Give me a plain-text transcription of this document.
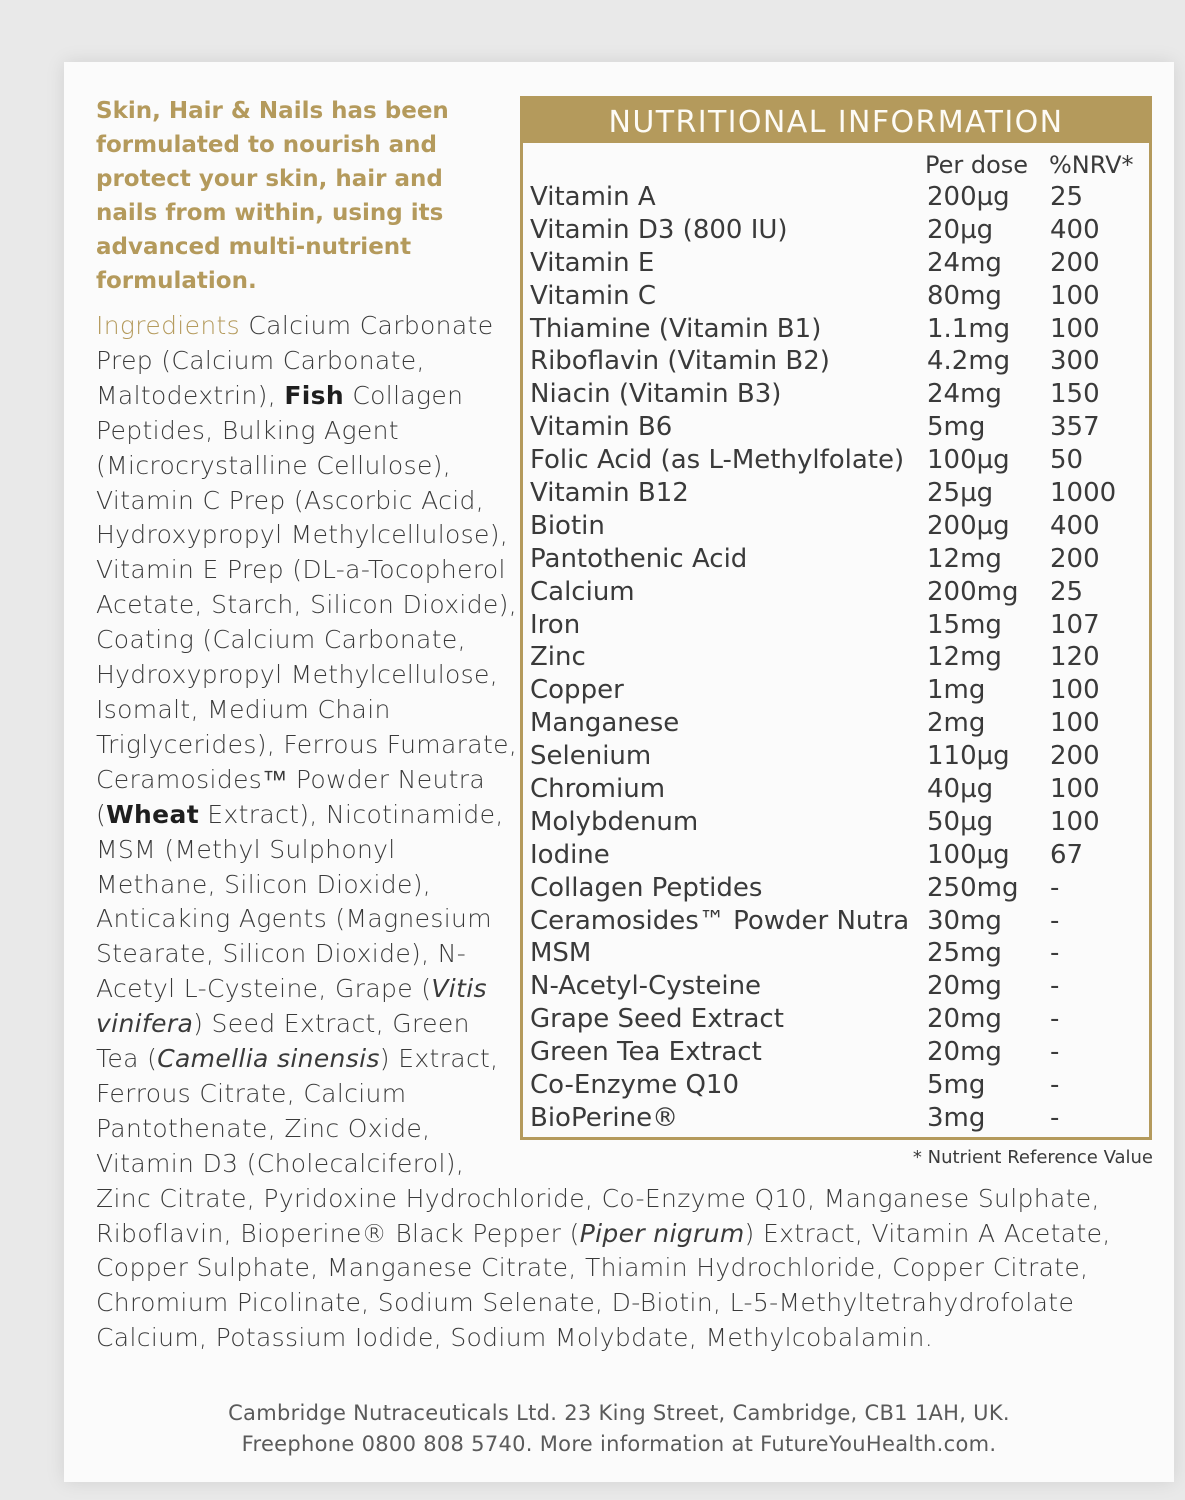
Skin, Hair & Nails has been formulated to nourish and protect your skin, hair and nails from within, using its advanced multi-nutrient formulation.
Ingredients Calcium Carbonate Prep (Calcium Carbonate, Maltodextrin), Fish Collagen Peptides, Bulking Agent (Microcrystalline Cellulose), Vitamin C Prep (Ascorbic Acid, Hydroxypropyl Methylcellulose), Vitamin E Prep (DL-a-Tocopherol Acetate, Starch, Silicon Dioxide), Coating (Calcium Carbonate, Hydroxypropyl Methylcellulose, Isomalt, Medium Chain Triglycerides), Ferrous Fumarate, Ceramosides™ Powder Neutra (Wheat Extract), Nicotinamide, MSM (Methyl Sulphonyl Methane, Silicon Dioxide), Anticaking Agents (Magnesium Stearate, Silicon Dioxide), N-Acetyl L-Cysteine, Grape (Vitis vinifera) Seed Extract, Green Tea (Camellia sinensis) Extract, Ferrous Citrate, Calcium Pantothenate, Zinc Oxide, Vitamin D3 (Cholecalciferol), Zinc Citrate, Pyridoxine Hydrochloride, Co-Enzyme Q10, Manganese Sulphate, Riboflavin, Bioperine® Black Pepper (Piper nigrum) Extract, Vitamin A Acetate, Copper Sulphate, Manganese Citrate, Thiamin Hydrochloride, Copper Citrate, Chromium Picolinate, Sodium Selenate, D-Biotin, L-5-Methyltetrahydrofolate Calcium, Potassium Iodide, Sodium Molybdate, Methylcobalamin.
NUTRITIONAL INFORMATION
Per dose %NRV*
Vitamin A	200µg 25
Vitamin D3 (800 IU)	20µg 400
Vitamin E	24mg 200
Vitamin C	80mg 100
Thiamine (Vitamin B1)	1.1mg 100
Riboflavin (Vitamin B2)	4.2mg 300
Niacin (Vitamin B3)	24mg 150
Vitamin B6	5mg 357
Folic Acid (as L-Methylfolate) 100µg 50
Vitamin B12	25µg 1000
Biotin	200µg 400
Pantothenic Acid	12mg 200
Calcium	200mg 25
Iron	15mg 107
Zinc	12mg 120
Copper	1mg 100
Manganese	2mg 100
Selenium	110µg 200
Chromium	40µg 100
Molybdenum	50µg 100
Iodine	100µg 67
Collagen Peptides	250mg -
Ceramosides™ Powder Nutra 30mg -
MSM	25mg -
N-Acetyl-Cysteine	20mg -
Grape Seed Extract	20mg -
Green Tea Extract	20mg -
Co-Enzyme Q10	5mg -
BioPerine®	3mg -
* Nutrient Reference Value
Cambridge Nutraceuticals Ltd. 23 King Street, Cambridge, CB1 1AH, UK.
Freephone 0800 808 5740. More information at FutureYouHealth.com.
